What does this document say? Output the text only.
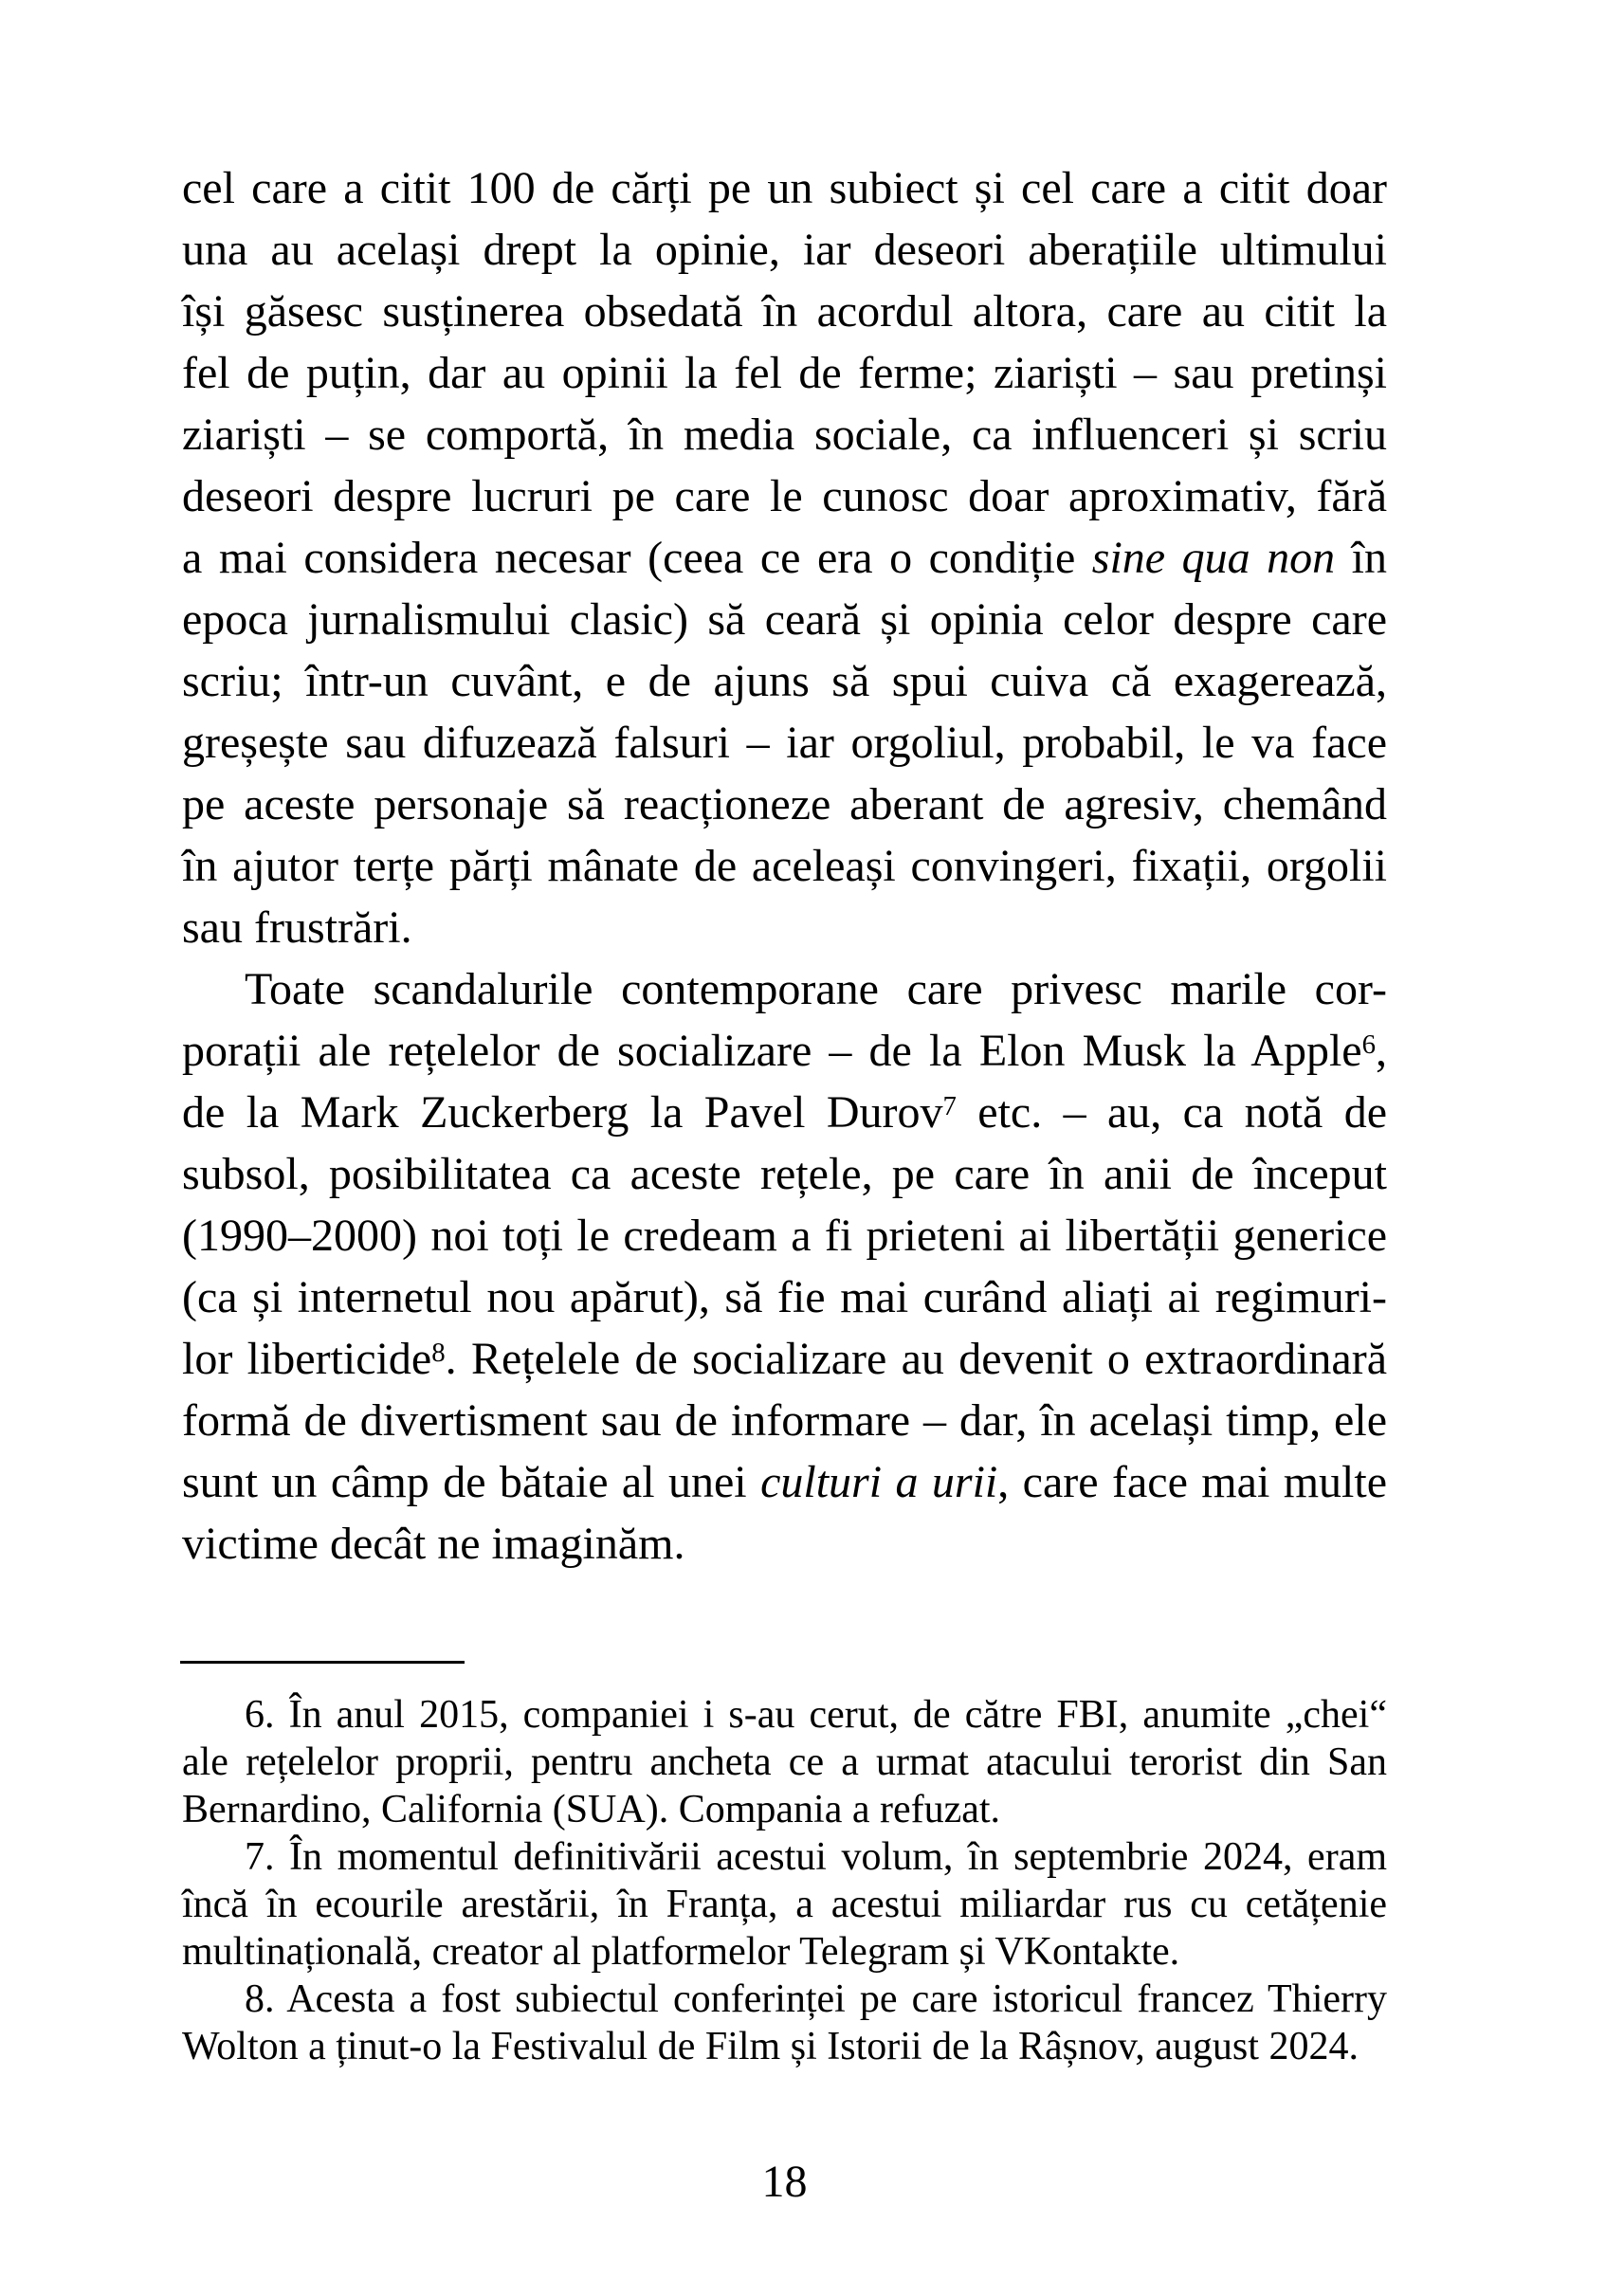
cel care a citit 100 de cărți pe un subiect și cel care a citit doar
una au același drept la opinie, iar deseori aberațiile ultimului
își găsesc susținerea obsedată în acordul altora, care au citit la
fel de puțin, dar au opinii la fel de ferme; ziariști – sau pretinși
ziariști – se comportă, în media sociale, ca influenceri și scriu
deseori despre lucruri pe care le cunosc doar aproximativ, fără
a mai considera necesar (ceea ce era o condiție sine qua non în
epoca jurnalismului clasic) să ceară și opinia celor despre care
scriu; într-un cuvânt, e de ajuns să spui cuiva că exagerează,
greșește sau difuzează falsuri – iar orgoliul, probabil, le va face
pe aceste personaje să reacționeze aberant de agresiv, chemând
în ajutor terțe părți mânate de aceleași convingeri, fixații, orgolii
sau frustrări.
Toate scandalurile contemporane care privesc marile cor-
porații ale rețelelor de socializare – de la Elon Musk la Apple$^6$,
de la Mark Zuckerberg la Pavel Durov$^7$ etc. – au, ca notă de
subsol, posibilitatea ca aceste rețele, pe care în anii de început
(1990–2000) noi toți le credeam a fi prieteni ai libertății generice
(ca și internetul nou apărut), să fie mai curând aliați ai regimuri-
lor liberticide$^8$. Rețelele de socializare au devenit o extraordinară
formă de divertisment sau de informare – dar, în același timp, ele
sunt un câmp de bătaie al unei culturi a urii, care face mai multe
victime decât ne imaginăm.
6. În anul 2015, companiei i s-au cerut, de către FBI, anumite „chei“
ale rețelelor proprii, pentru ancheta ce a urmat atacului terorist din San
Bernardino, California (SUA). Compania a refuzat.
7. În momentul definitivării acestui volum, în septembrie 2024, eram
încă în ecourile arestării, în Franța, a acestui miliardar rus cu cetățenie
multinațională, creator al platformelor Telegram și VKontakte.
8. Acesta a fost subiectul conferinței pe care istoricul francez Thierry
Wolton a ținut-o la Festivalul de Film și Istorii de la Râșnov, august 2024.
18
